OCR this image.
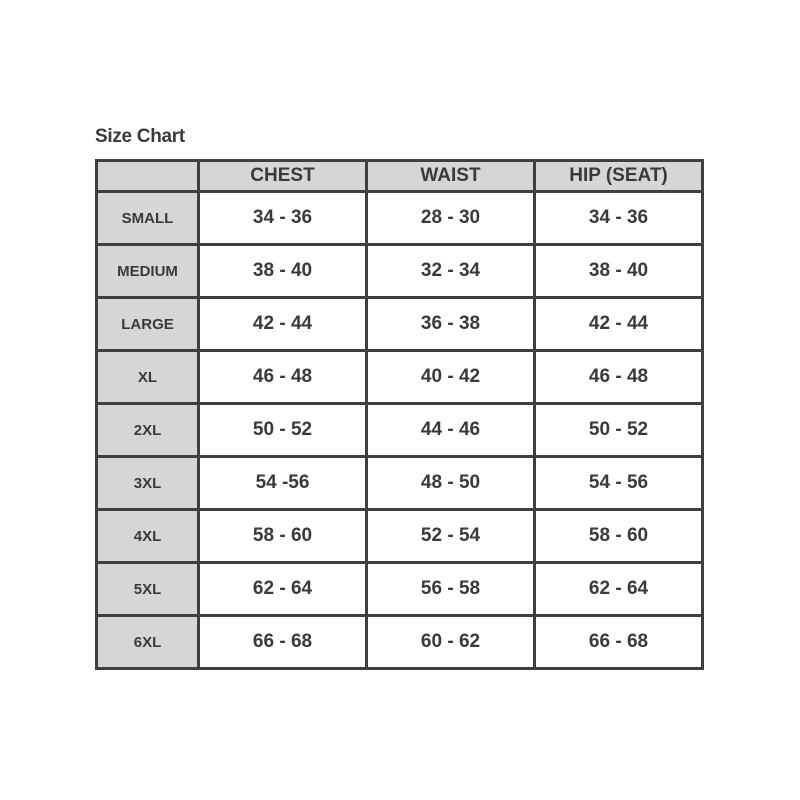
Size Chart
	CHEST	WAIST	HIP (SEAT)
SMALL	34 - 36	28 - 30	34 - 36
MEDIUM	38 - 40	32 - 34	38 - 40
LARGE	42 - 44	36 - 38	42 - 44
XL	46 - 48	40 - 42	46 - 48
2XL	50 - 52	44 - 46	50 - 52
3XL	54 -56	48 - 50	54 - 56
4XL	58 - 60	52 - 54	58 - 60
5XL	62 - 64	56 - 58	62 - 64
6XL	66 - 68	60 - 62	66 - 68
